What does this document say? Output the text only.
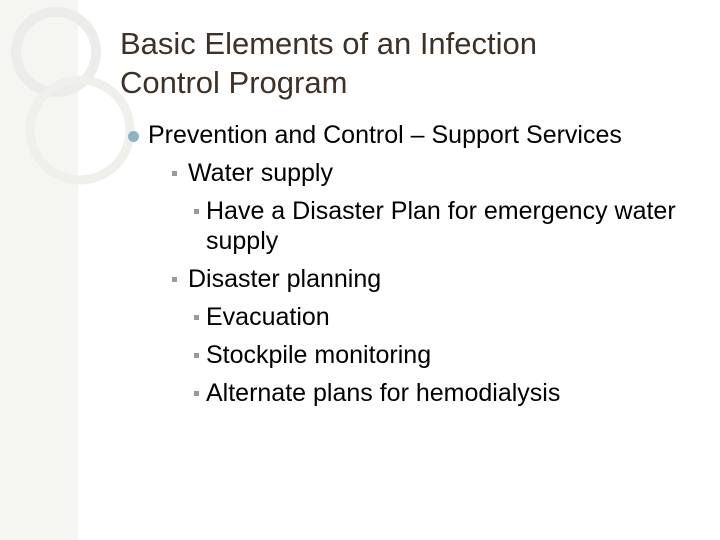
Basic Elements of an Infection
Control Program
Prevention and Control – Support Services
Water supply
Have a Disaster Plan for emergency water supply
Disaster planning
Evacuation
Stockpile monitoring
Alternate plans for hemodialysis
